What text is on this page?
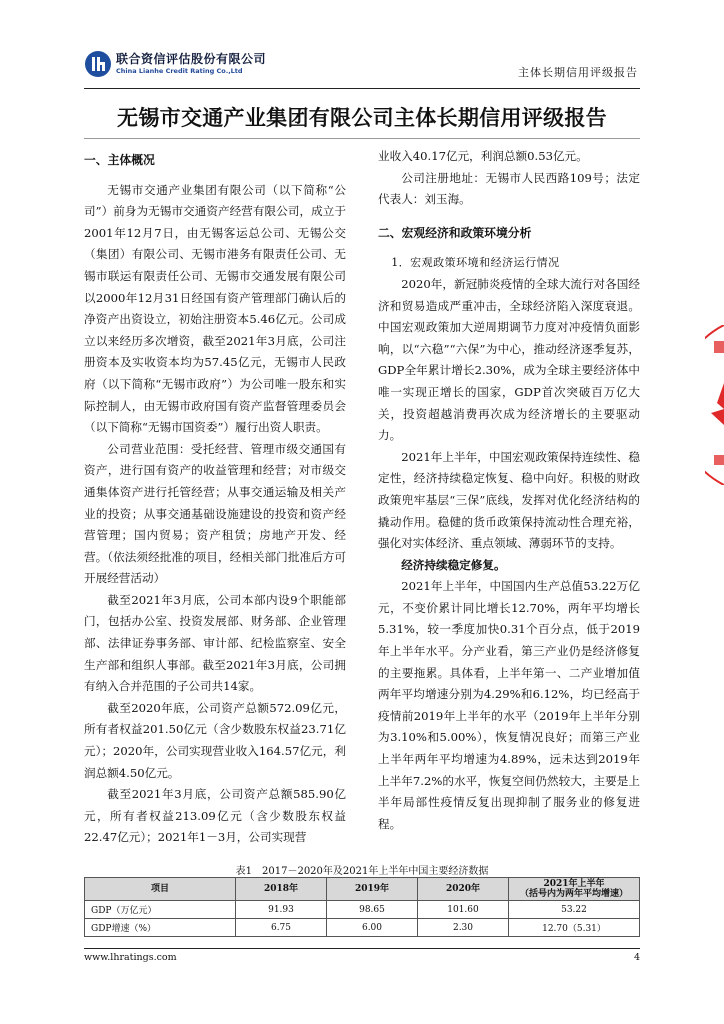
联合资信评估股份有限公司
China Lianhe Credit Rating Co.,Ltd	主体长期信用评级报告
无锡市交通产业集团有限公司主体长期信用评级报告
一、主体概况

无锡市交通产业集团有限公司（以下简称“公司”）前身为无锡市交通资产经营有限公司，成立于2001年12月7日，由无锡客运总公司、无锡公交（集团）有限公司、无锡市港务有限责任公司、无锡市联运有限责任公司、无锡市交通发展有限公司以2000年12月31日经国有资产管理部门确认后的净资产出资设立，初始注册资本5.46亿元。公司成立以来经历多次增资，截至2021年3月底，公司注册资本及实收资本均为57.45亿元，无锡市人民政府（以下简称“无锡市政府”）为公司唯一股东和实际控制人，由无锡市政府国有资产监督管理委员会（以下简称“无锡市国资委”）履行出资人职责。

公司营业范围：受托经营、管理市级交通国有资产，进行国有资产的收益管理和经营；对市级交通集体资产进行托管经营；从事交通运输及相关产业的投资；从事交通基础设施建设的投资和资产经营管理；国内贸易；资产租赁；房地产开发、经营。（依法须经批准的项目，经相关部门批准后方可开展经营活动）

截至2021年3月底，公司本部内设9个职能部门，包括办公室、投资发展部、财务部、企业管理部、法律证券事务部、审计部、纪检监察室、安全生产部和组织人事部。截至2021年3月底，公司拥有纳入合并范围的子公司共14家。

截至2020年底，公司资产总额572.09亿元，所有者权益201.50亿元（含少数股东权益23.71亿元）；2020年，公司实现营业收入164.57亿元，利润总额4.50亿元。

截至2021年3月底，公司资产总额585.90亿元，所有者权益213.09亿元（含少数股东权益22.47亿元）；2021年1－3月，公司实现营

业收入40.17亿元，利润总额0.53亿元。

公司注册地址：无锡市人民西路109号；法定代表人：刘玉海。

二、宏观经济和政策环境分析
1．宏观政策环境和经济运行情况

2020年，新冠肺炎疫情的全球大流行对各国经济和贸易造成严重冲击，全球经济陷入深度衰退。中国宏观政策加大逆周期调节力度对冲疫情负面影响，以“六稳”“六保”为中心，推动经济逐季复苏，GDP全年累计增长2.30%，成为全球主要经济体中唯一实现正增长的国家，GDP首次突破百万亿大关，投资超越消费再次成为经济增长的主要驱动力。

2021年上半年，中国宏观政策保持连续性、稳定性，经济持续稳定恢复、稳中向好。积极的财政政策兜牢基层“三保”底线，发挥对优化经济结构的撬动作用。稳健的货币政策保持流动性合理充裕，强化对实体经济、重点领域、薄弱环节的支持。

经济持续稳定修复。

2021年上半年，中国国内生产总值53.22万亿元，不变价累计同比增长12.70%，两年平均增长5.31%，较一季度加快0.31个百分点，低于2019年上半年水平。分产业看，第三产业仍是经济修复的主要拖累。具体看，上半年第一、二产业增加值两年平均增速分别为4.29%和6.12%，均已经高于疫情前2019年上半年的水平（2019年上半年分别为3.10%和5.00%），恢复情况良好；而第三产业上半年两年平均增速为4.89%，远未达到2019年上半年7.2%的水平，恢复空间仍然较大，主要是上半年局部性疫情反复出现抑制了服务业的修复进程。

表1　2017－2020年及2021年上半年中国主要经济数据
项目	2018年	2019年	2020年	2021年上半年
（括号内为两年平均增速）

GDP（万亿元）	91.93	98.65	101.60	53.22
GDP增速（%）	6.75	6.00	2.30	12.70（5.31）
www.lhratings.com	4
